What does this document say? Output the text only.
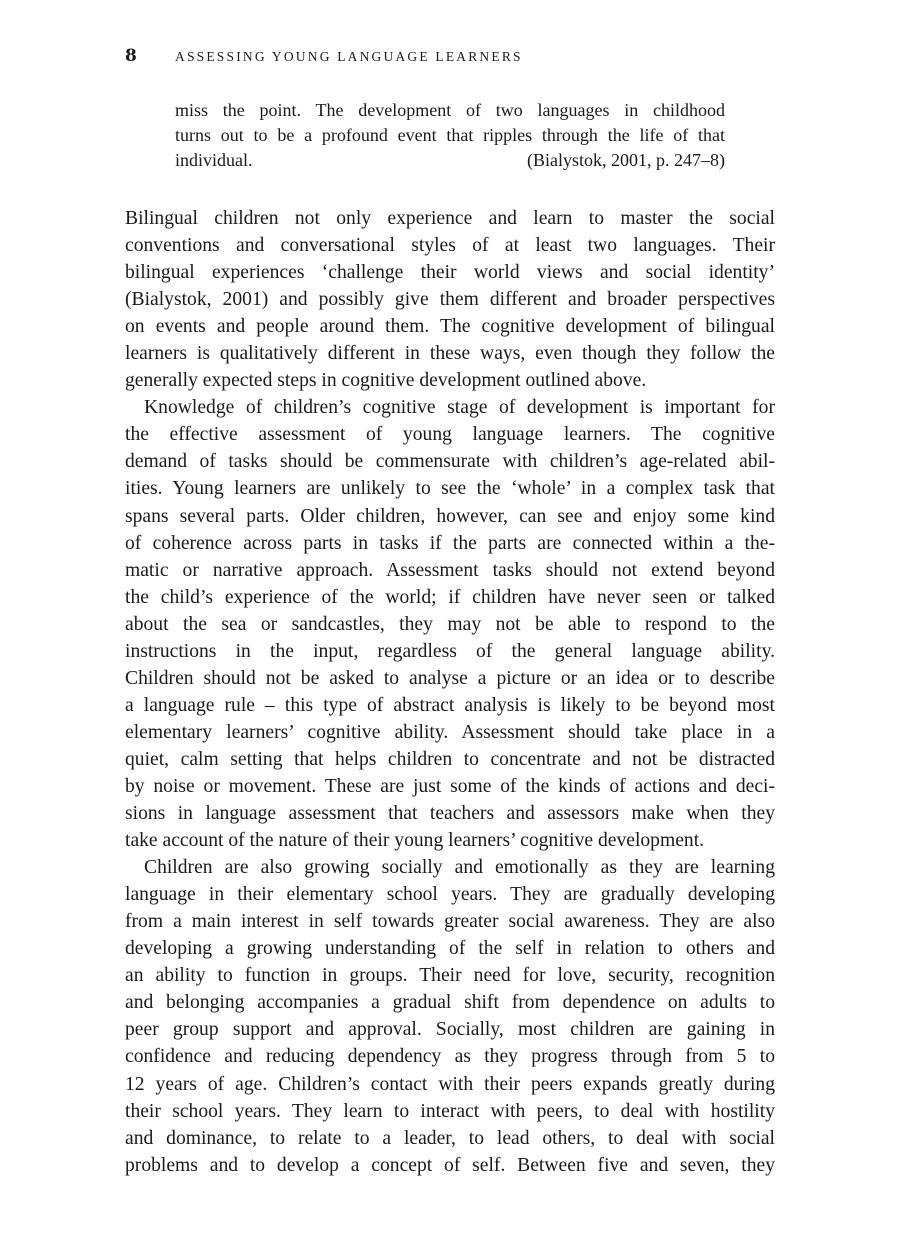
8	ASSESSING YOUNG LANGUAGE LEARNERS
miss the point. The development of two languages in childhood
turns out to be a profound event that ripples through the life of that
individual.	(Bialystok, 2001, p. 247–8)
Bilingual children not only experience and learn to master the social
conventions and conversational styles of at least two languages. Their
bilingual experiences ‘challenge their world views and social identity’
(Bialystok, 2001) and possibly give them different and broader perspectives
on events and people around them. The cognitive development of bilingual
learners is qualitatively different in these ways, even though they follow the
generally expected steps in cognitive development outlined above.
Knowledge of children’s cognitive stage of development is important for
the effective assessment of young language learners. The cognitive
demand of tasks should be commensurate with children’s age-related abil-
ities. Young learners are unlikely to see the ‘whole’ in a complex task that
spans several parts. Older children, however, can see and enjoy some kind
of coherence across parts in tasks if the parts are connected within a the-
matic or narrative approach. Assessment tasks should not extend beyond
the child’s experience of the world; if children have never seen or talked
about the sea or sandcastles, they may not be able to respond to the
instructions in the input, regardless of the general language ability.
Children should not be asked to analyse a picture or an idea or to describe
a language rule – this type of abstract analysis is likely to be beyond most
elementary learners’ cognitive ability. Assessment should take place in a
quiet, calm setting that helps children to concentrate and not be distracted
by noise or movement. These are just some of the kinds of actions and deci-
sions in language assessment that teachers and assessors make when they
take account of the nature of their young learners’ cognitive development.
Children are also growing socially and emotionally as they are learning
language in their elementary school years. They are gradually developing
from a main interest in self towards greater social awareness. They are also
developing a growing understanding of the self in relation to others and
an ability to function in groups. Their need for love, security, recognition
and belonging accompanies a gradual shift from dependence on adults to
peer group support and approval. Socially, most children are gaining in
confidence and reducing dependency as they progress through from 5 to
12 years of age. Children’s contact with their peers expands greatly during
their school years. They learn to interact with peers, to deal with hostility
and dominance, to relate to a leader, to lead others, to deal with social
problems and to develop a concept of self. Between five and seven, they
